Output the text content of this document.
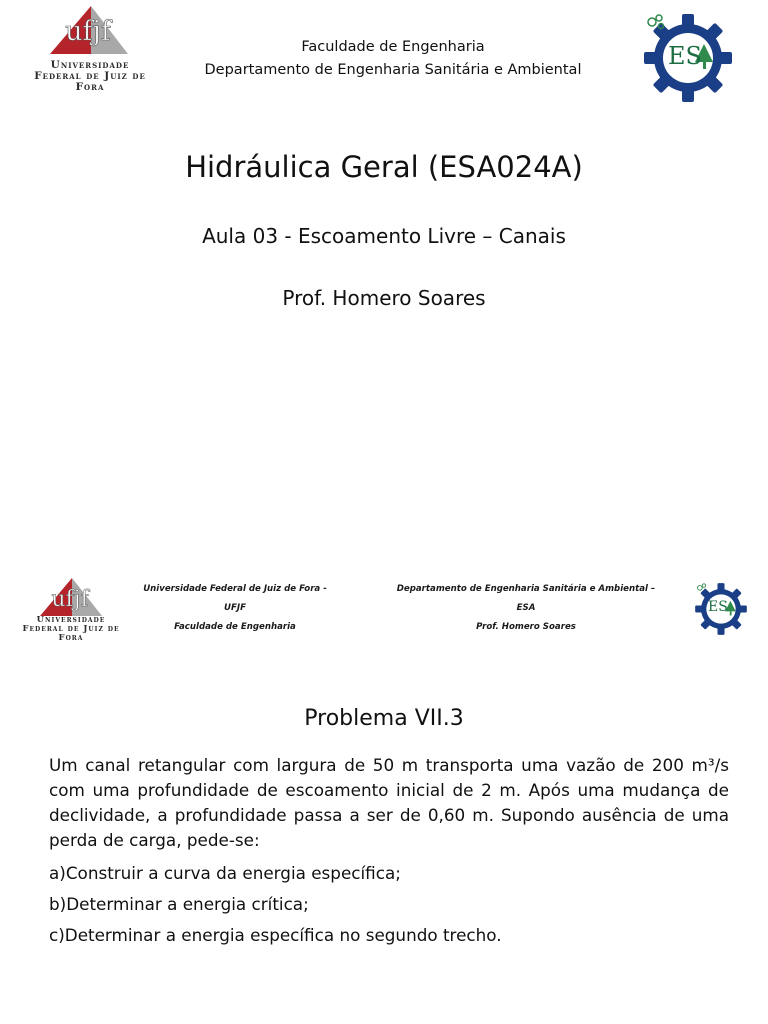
ufjf
Universidade
Federal de Juiz de Fora
Faculdade de Engenharia
Departamento de Engenharia Sanitária e Ambiental	ES
Hidráulica Geral (ESA024A)
Aula 03 - Escoamento Livre – Canais
Prof. Homero Soares
ufjf
Universidade
Federal de Juiz de Fora
Universidade Federal de Juiz de Fora - UFJF
Faculdade de Engenharia
Departamento de Engenharia Sanitária e Ambiental – ESA
Prof. Homero Soares
ES
Problema VII.3
Um canal retangular com largura de 50 m transporta uma vazão de 200 m³/s com uma profundidade de escoamento inicial de 2 m. Após uma mudança de declividade, a profundidade passa a ser de 0,60 m. Supondo ausência de uma perda de carga, pede-se:
a)Construir a curva da energia específica;
b)Determinar a energia crítica;
c)Determinar a energia específica no segundo trecho.
